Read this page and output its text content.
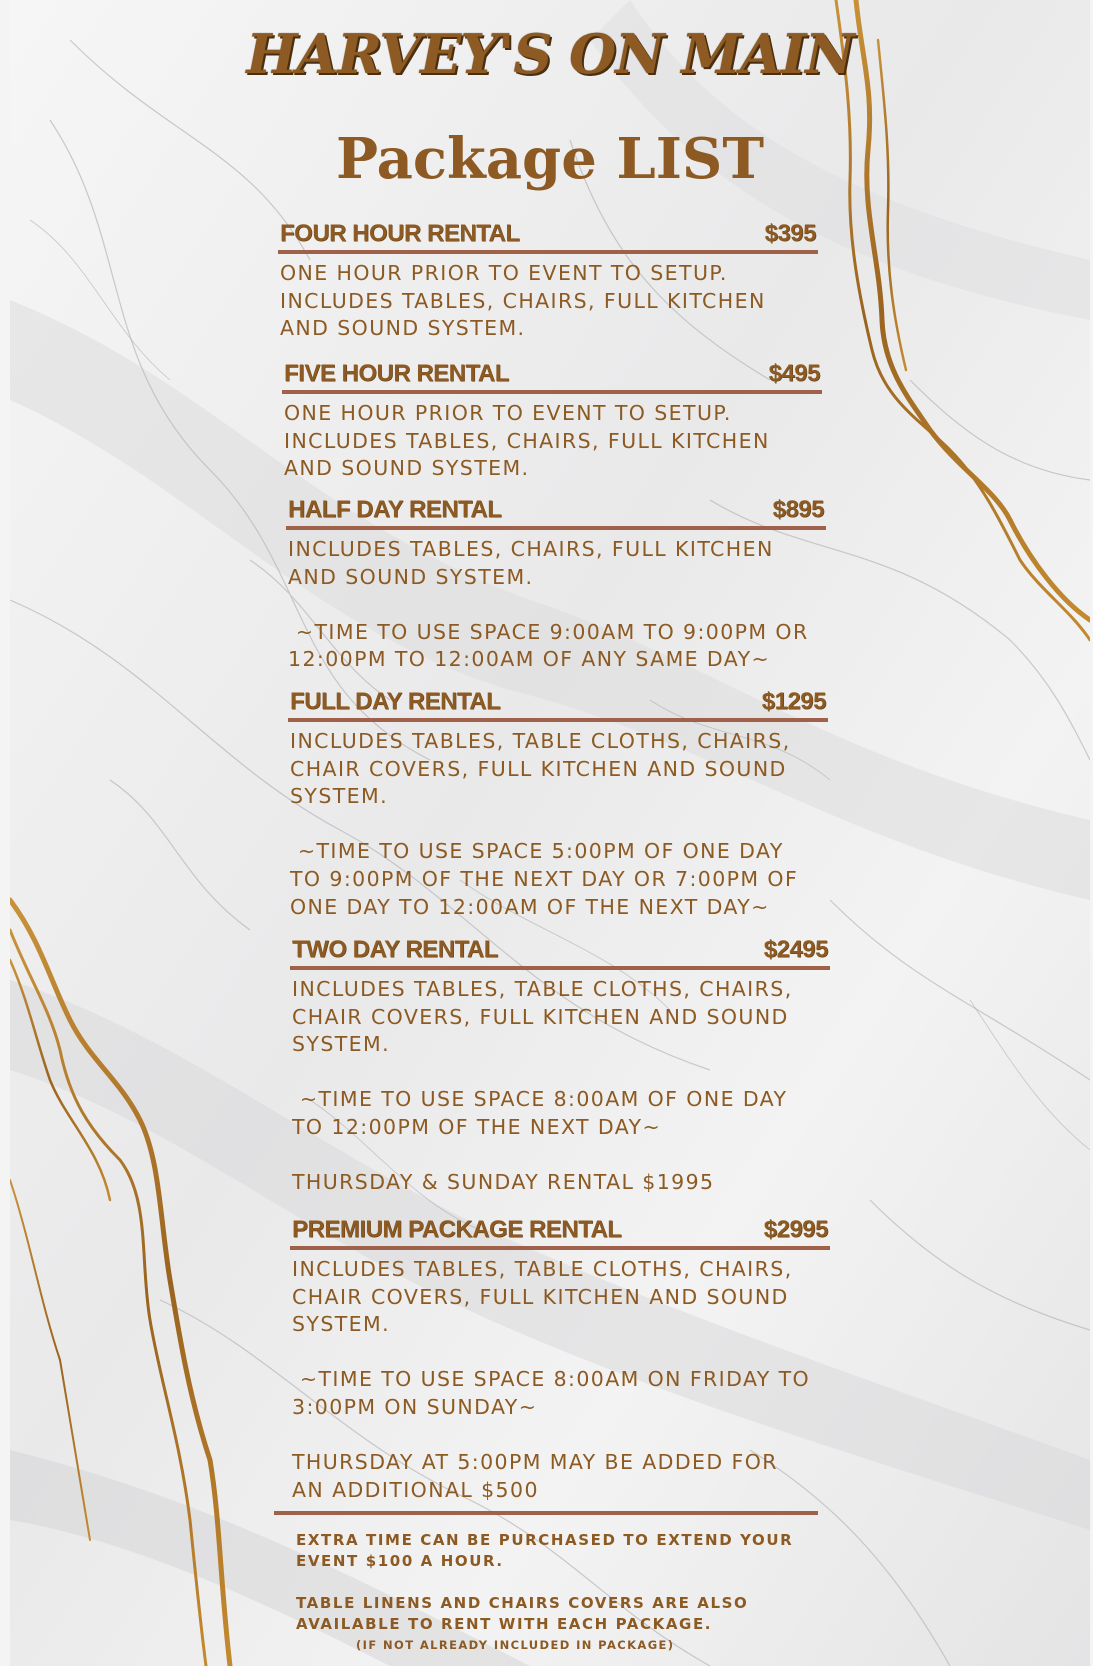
HARVEY'S ON MAIN
Package LIST
FOUR HOUR RENTAL	$395
ONE HOUR PRIOR TO EVENT TO SETUP.
INCLUDES TABLES, CHAIRS, FULL KITCHEN
AND SOUND SYSTEM.
FIVE HOUR RENTAL	$495
ONE HOUR PRIOR TO EVENT TO SETUP.
INCLUDES TABLES, CHAIRS, FULL KITCHEN
AND SOUND SYSTEM.
HALF DAY RENTAL	$895
INCLUDES TABLES, CHAIRS, FULL KITCHEN
AND SOUND SYSTEM.
~TIME TO USE SPACE 9:00AM TO 9:00PM OR
12:00PM TO 12:00AM OF ANY SAME DAY~
FULL DAY RENTAL	$1295
INCLUDES TABLES, TABLE CLOTHS, CHAIRS,
CHAIR COVERS, FULL KITCHEN AND SOUND
SYSTEM.
~TIME TO USE SPACE 5:00PM OF ONE DAY
TO 9:00PM OF THE NEXT DAY OR 7:00PM OF
ONE DAY TO 12:00AM OF THE NEXT DAY~
TWO DAY RENTAL	$2495
INCLUDES TABLES, TABLE CLOTHS, CHAIRS,
CHAIR COVERS, FULL KITCHEN AND SOUND
SYSTEM.
~TIME TO USE SPACE 8:00AM OF ONE DAY
TO 12:00PM OF THE NEXT DAY~
THURSDAY & SUNDAY RENTAL $1995
PREMIUM PACKAGE RENTAL	$2995
INCLUDES TABLES, TABLE CLOTHS, CHAIRS,
CHAIR COVERS, FULL KITCHEN AND SOUND
SYSTEM.
~TIME TO USE SPACE 8:00AM ON FRIDAY TO
3:00PM ON SUNDAY~
THURSDAY AT 5:00PM MAY BE ADDED FOR
AN ADDITIONAL $500
EXTRA TIME CAN BE PURCHASED TO EXTEND YOUR
EVENT $100 A HOUR.
TABLE LINENS AND CHAIRS COVERS ARE ALSO
AVAILABLE TO RENT WITH EACH PACKAGE.
(IF NOT ALREADY INCLUDED IN PACKAGE)
